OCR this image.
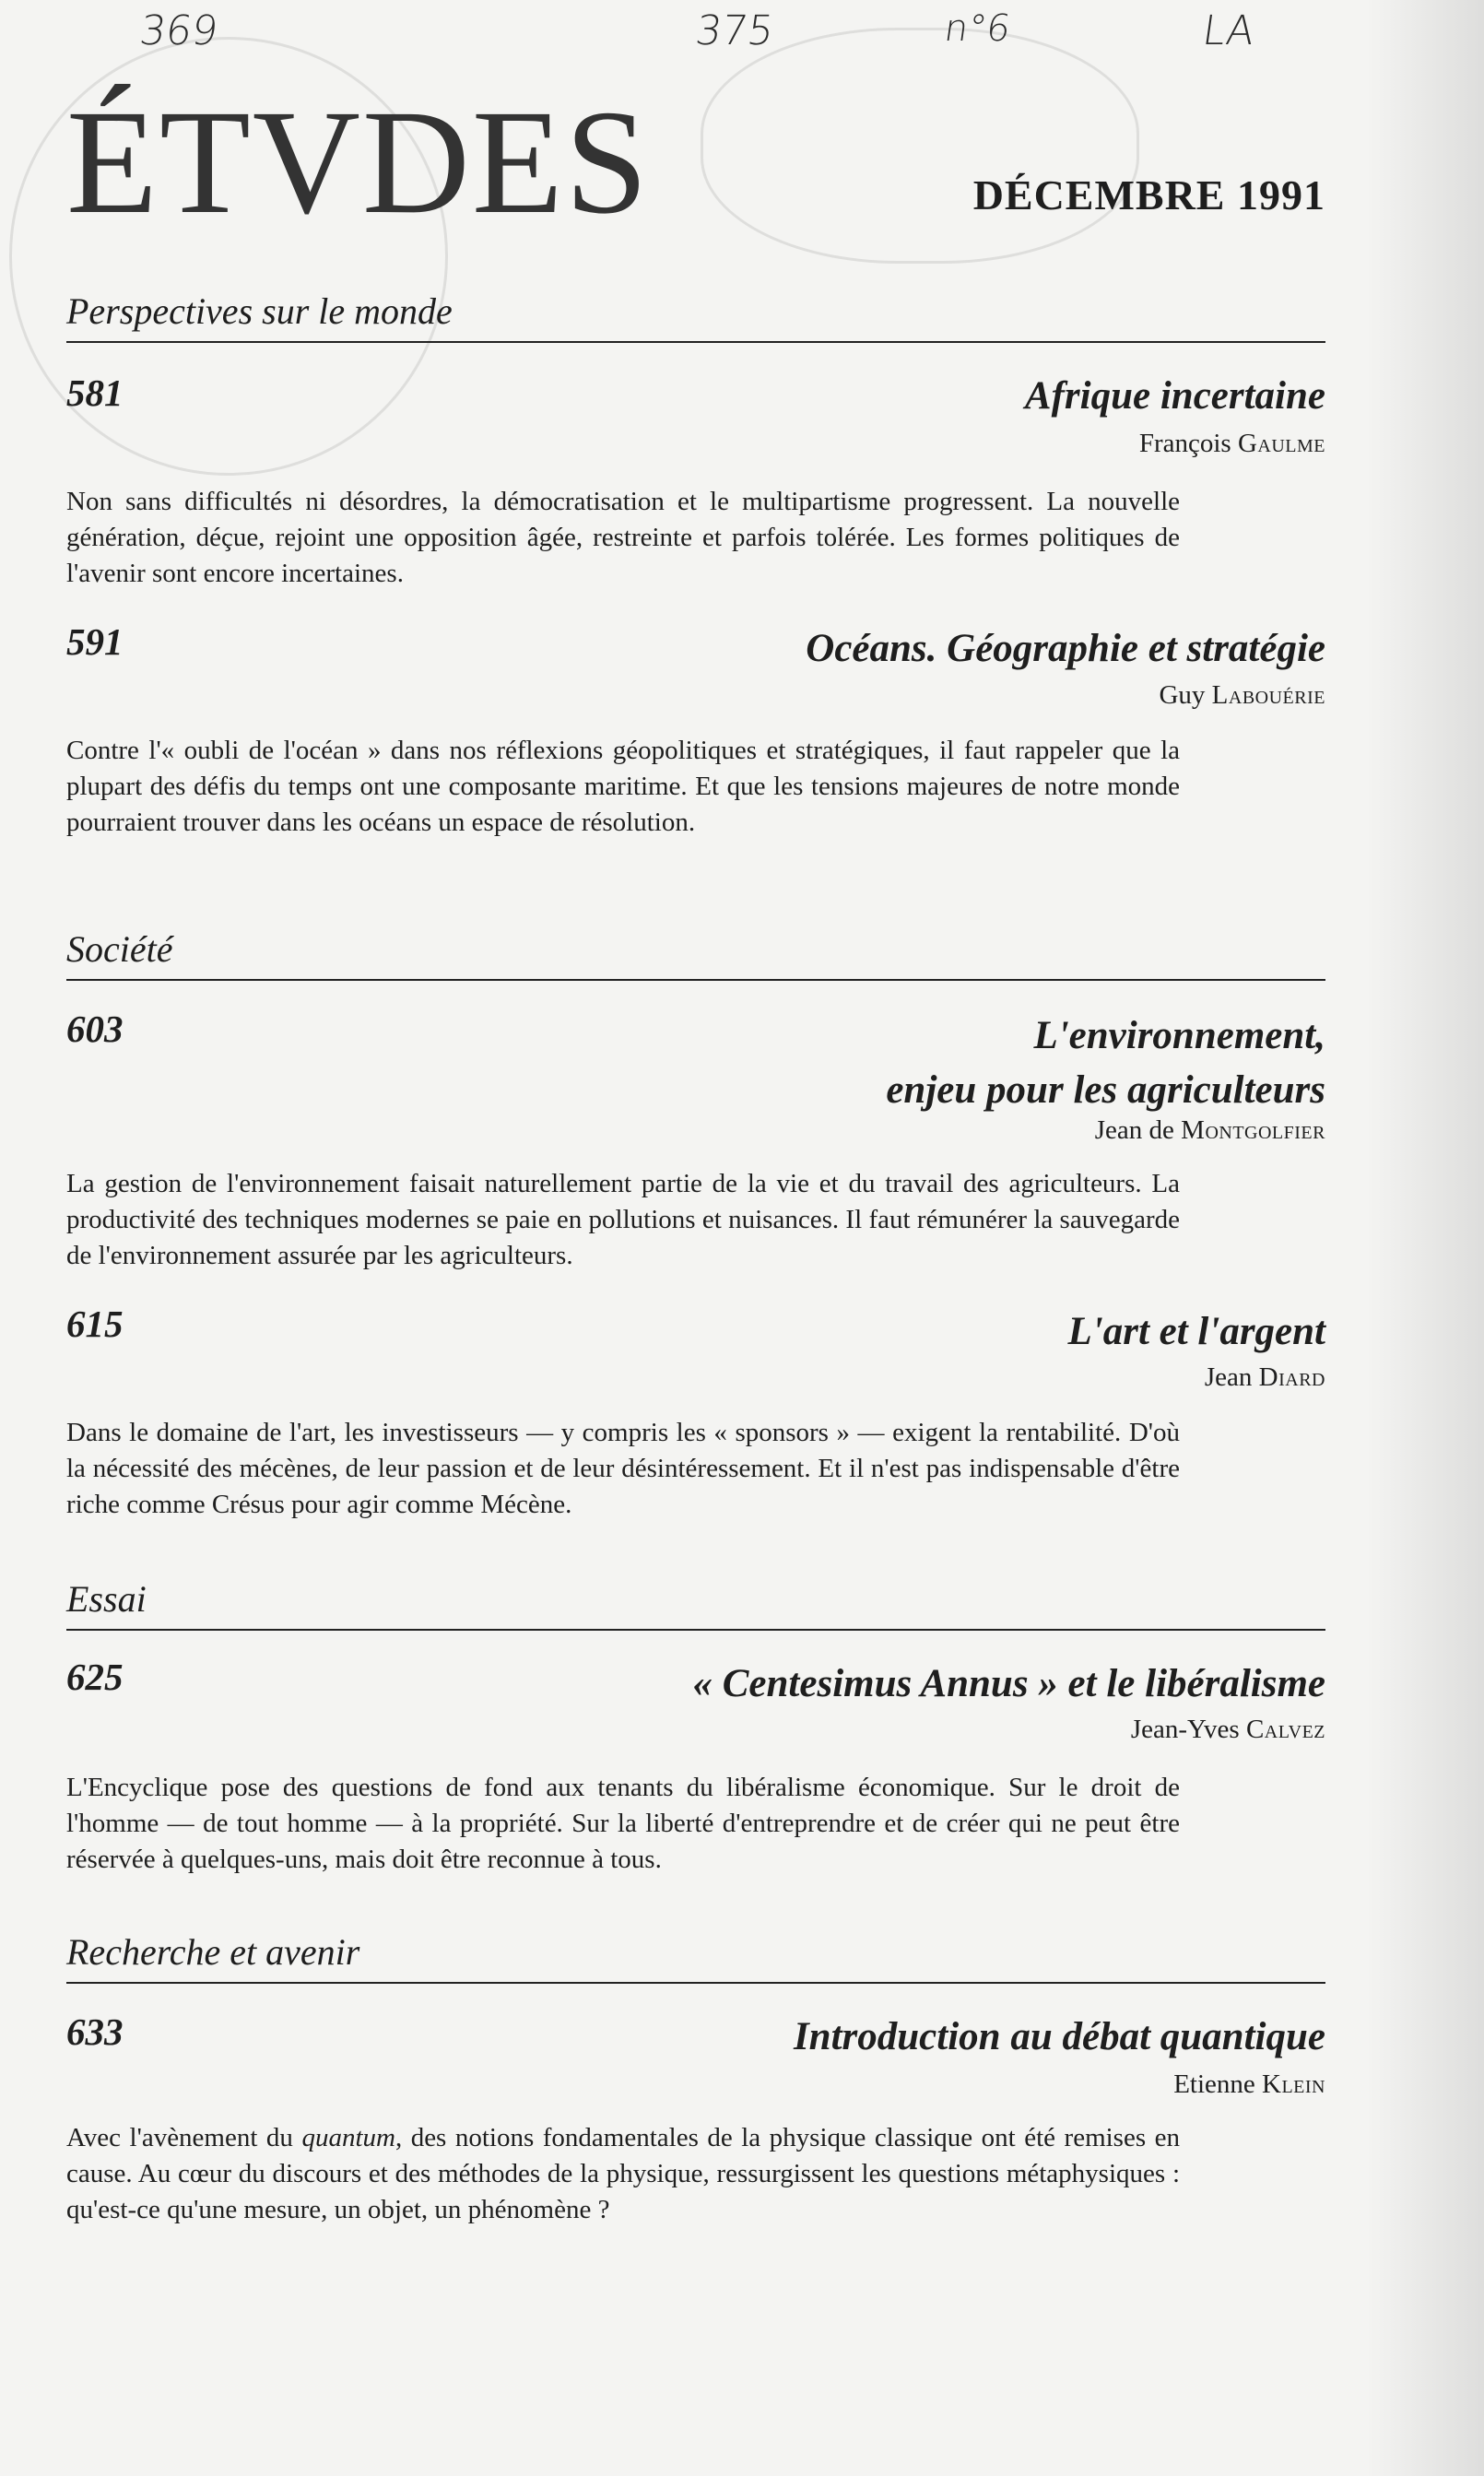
369	375	n°6	LA
ÉTVDES	DÉCEMBRE 1991
Perspectives sur le monde
581	Afrique incertaine
François Gaulme
Non sans difficultés ni désordres, la démocratisation et le multipartisme progressent. La nouvelle génération, déçue, rejoint une opposition âgée, restreinte et parfois tolérée. Les formes politiques de l'avenir sont encore incertaines.
591	Océans. Géographie et stratégie
Guy Labouérie
Contre l'« oubli de l'océan » dans nos réflexions géopolitiques et stratégiques, il faut rappeler que la plupart des défis du temps ont une composante maritime. Et que les tensions majeures de notre monde pourraient trouver dans les océans un espace de résolution.
Société
603	L'environnement,
enjeu pour les agriculteurs
Jean de Montgolfier
La gestion de l'environnement faisait naturellement partie de la vie et du travail des agriculteurs. La productivité des techniques modernes se paie en pollutions et nuisances. Il faut rémunérer la sauvegarde de l'environnement assurée par les agriculteurs.
615	L'art et l'argent
Jean Diard
Dans le domaine de l'art, les investisseurs — y compris les « sponsors » — exigent la rentabilité. D'où la nécessité des mécènes, de leur passion et de leur désintéressement. Et il n'est pas indispensable d'être riche comme Crésus pour agir comme Mécène.
Essai
625	« Centesimus Annus » et le libéralisme
Jean-Yves Calvez
L'Encyclique pose des questions de fond aux tenants du libéralisme économique. Sur le droit de l'homme — de tout homme — à la propriété. Sur la liberté d'entreprendre et de créer qui ne peut être réservée à quelques-uns, mais doit être reconnue à tous.
Recherche et avenir
633	Introduction au débat quantique
Etienne Klein
Avec l'avènement du quantum, des notions fondamentales de la physique classique ont été remises en cause. Au cœur du discours et des méthodes de la physique, ressurgissent les questions métaphysiques : qu'est-ce qu'une mesure, un objet, un phénomène ?
